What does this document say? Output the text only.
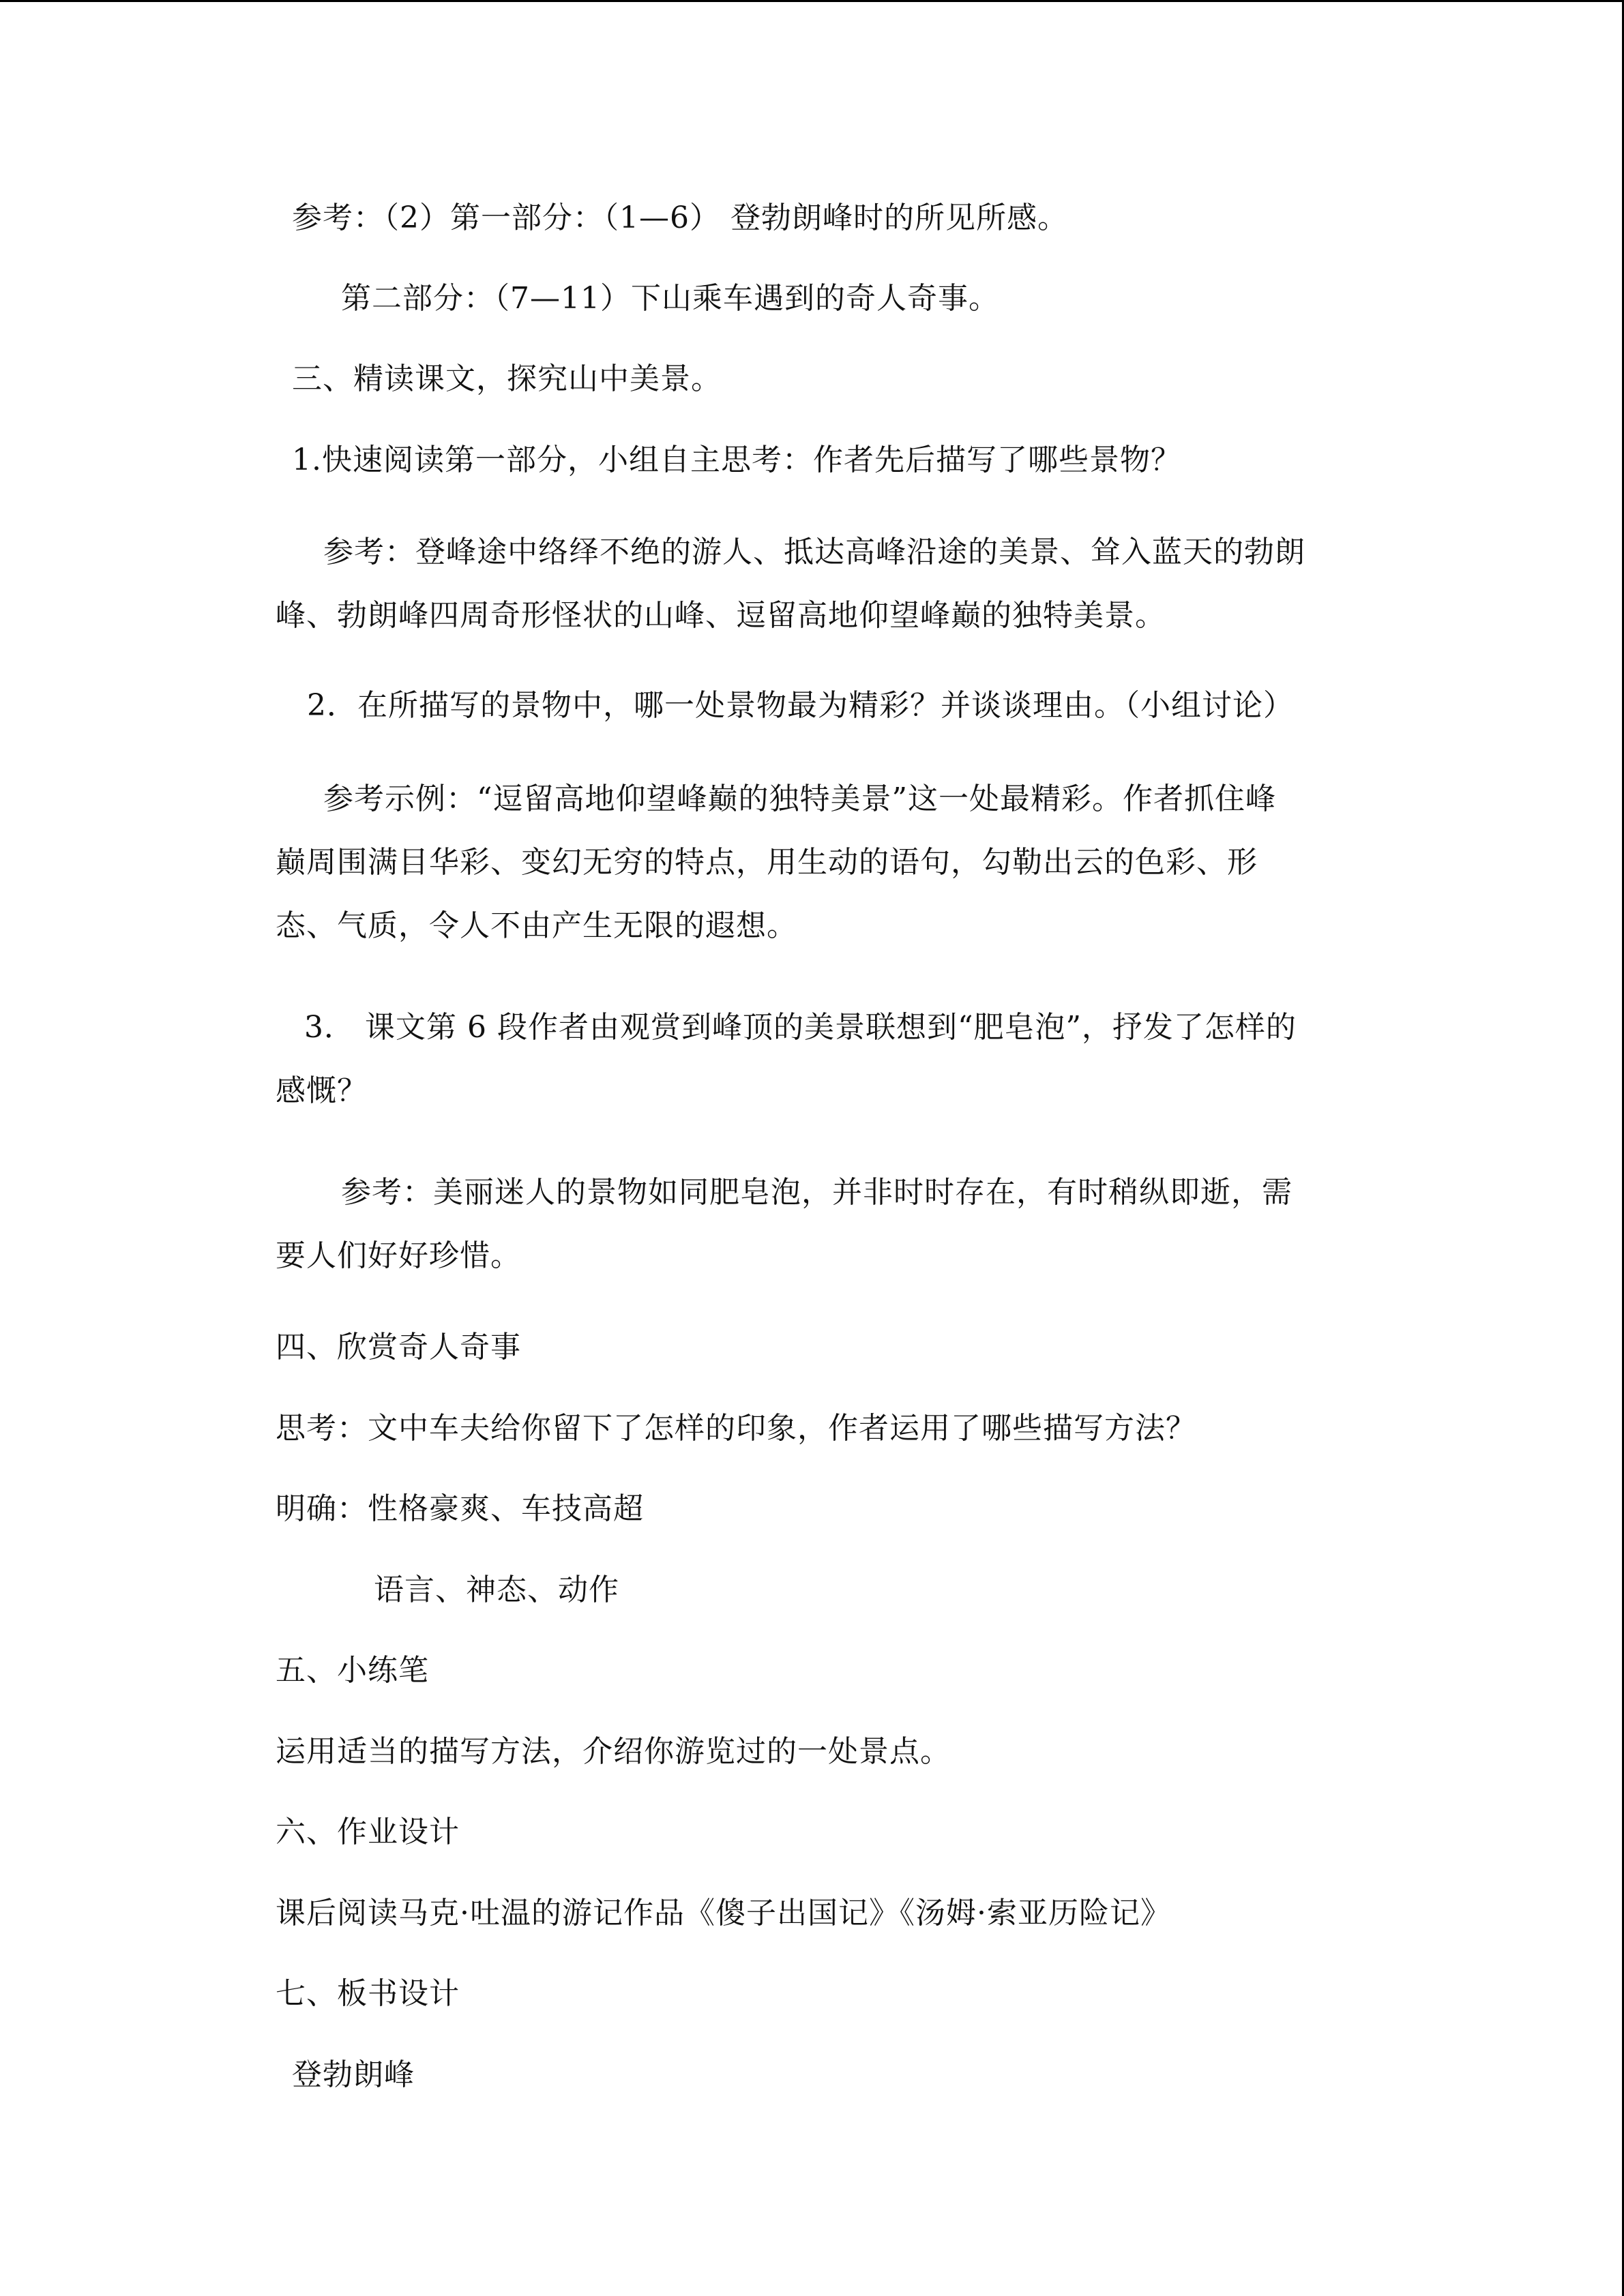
参考：（2）第一部分：（1—6） 登勃朗峰时的所见所感。
第二部分：（7—11）下山乘车遇到的奇人奇事。
三、精读课文，探究山中美景。
1.快速阅读第一部分，小组自主思考：作者先后描写了哪些景物？
参考：登峰途中络绎不绝的游人、抵达高峰沿途的美景、耸入蓝天的勃朗
峰、勃朗峰四周奇形怪状的山峰、逗留高地仰望峰巅的独特美景。
2．在所描写的景物中，哪一处景物最为精彩？并谈谈理由。（小组讨论）
参考示例：“逗留高地仰望峰巅的独特美景”这一处最精彩。作者抓住峰
巅周围满目华彩、变幻无穷的特点，用生动的语句，勾勒出云的色彩、形
态、气质，令人不由产生无限的遐想。
3． 课文第 6 段作者由观赏到峰顶的美景联想到“肥皂泡”，抒发了怎样的
感慨？
参考：美丽迷人的景物如同肥皂泡，并非时时存在，有时稍纵即逝，需
要人们好好珍惜。
四、欣赏奇人奇事
思考：文中车夫给你留下了怎样的印象，作者运用了哪些描写方法？
明确：性格豪爽、车技高超
语言、神态、动作
五、小练笔
运用适当的描写方法，介绍你游览过的一处景点。
六、作业设计
课后阅读马克·吐温的游记作品《傻子出国记》《汤姆·索亚历险记》
七、板书设计
登勃朗峰
